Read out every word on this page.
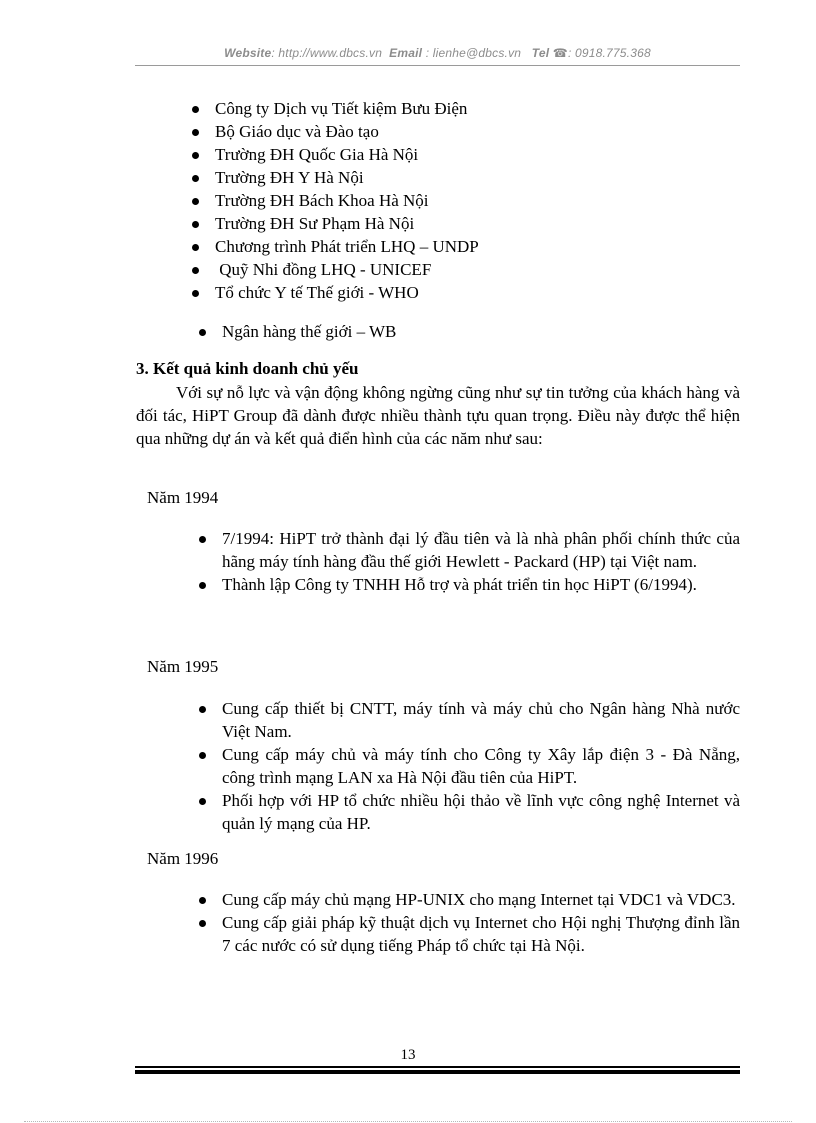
Website: http://www.dbcs.vn Email : lienhe@dbcs.vn Tel ☎: 0918.775.368
Công ty Dịch vụ Tiết kiệm Bưu Điện
Bộ Giáo dục và Đào tạo
Trường ĐH Quốc Gia Hà Nội
Trường ĐH Y Hà Nội
Trường ĐH Bách Khoa Hà Nội
Trường ĐH Sư Phạm Hà Nội
Chương trình Phát triển LHQ – UNDP
Quỹ Nhi đồng LHQ - UNICEF
Tổ chức Y tế Thế giới - WHO
Ngân hàng thế giới – WB
3. Kết quả kinh doanh chủ yếu
Với sự nỗ lực và vận động không ngừng cũng như sự tin tưởng của khách hàng và đối tác, HiPT Group đã dành được nhiều thành tựu quan trọng. Điều này được thể hiện qua những dự án và kết quả điển hình của các năm như sau:
Năm 1994
7/1994: HiPT trở thành đại lý đầu tiên và là nhà phân phối chính thức của hãng máy tính hàng đầu thế giới Hewlett - Packard (HP) tại Việt nam.
Thành lập Công ty TNHH Hỗ trợ và phát triển tin học HiPT (6/1994).
Năm 1995
Cung cấp thiết bị CNTT, máy tính và máy chủ cho Ngân hàng Nhà nước Việt Nam.
Cung cấp máy chủ và máy tính cho Công ty Xây lắp điện 3 - Đà Nẵng, công trình mạng LAN xa Hà Nội đầu tiên của HiPT.
Phối hợp với HP tổ chức nhiều hội thảo về lĩnh vực công nghệ Internet và quản lý mạng của HP.
Năm 1996
Cung cấp máy chủ mạng HP-UNIX cho mạng Internet tại VDC1 và VDC3.
Cung cấp giải pháp kỹ thuật dịch vụ Internet cho Hội nghị Thượng đỉnh lần 7 các nước có sử dụng tiếng Pháp tổ chức tại Hà Nội.
13
